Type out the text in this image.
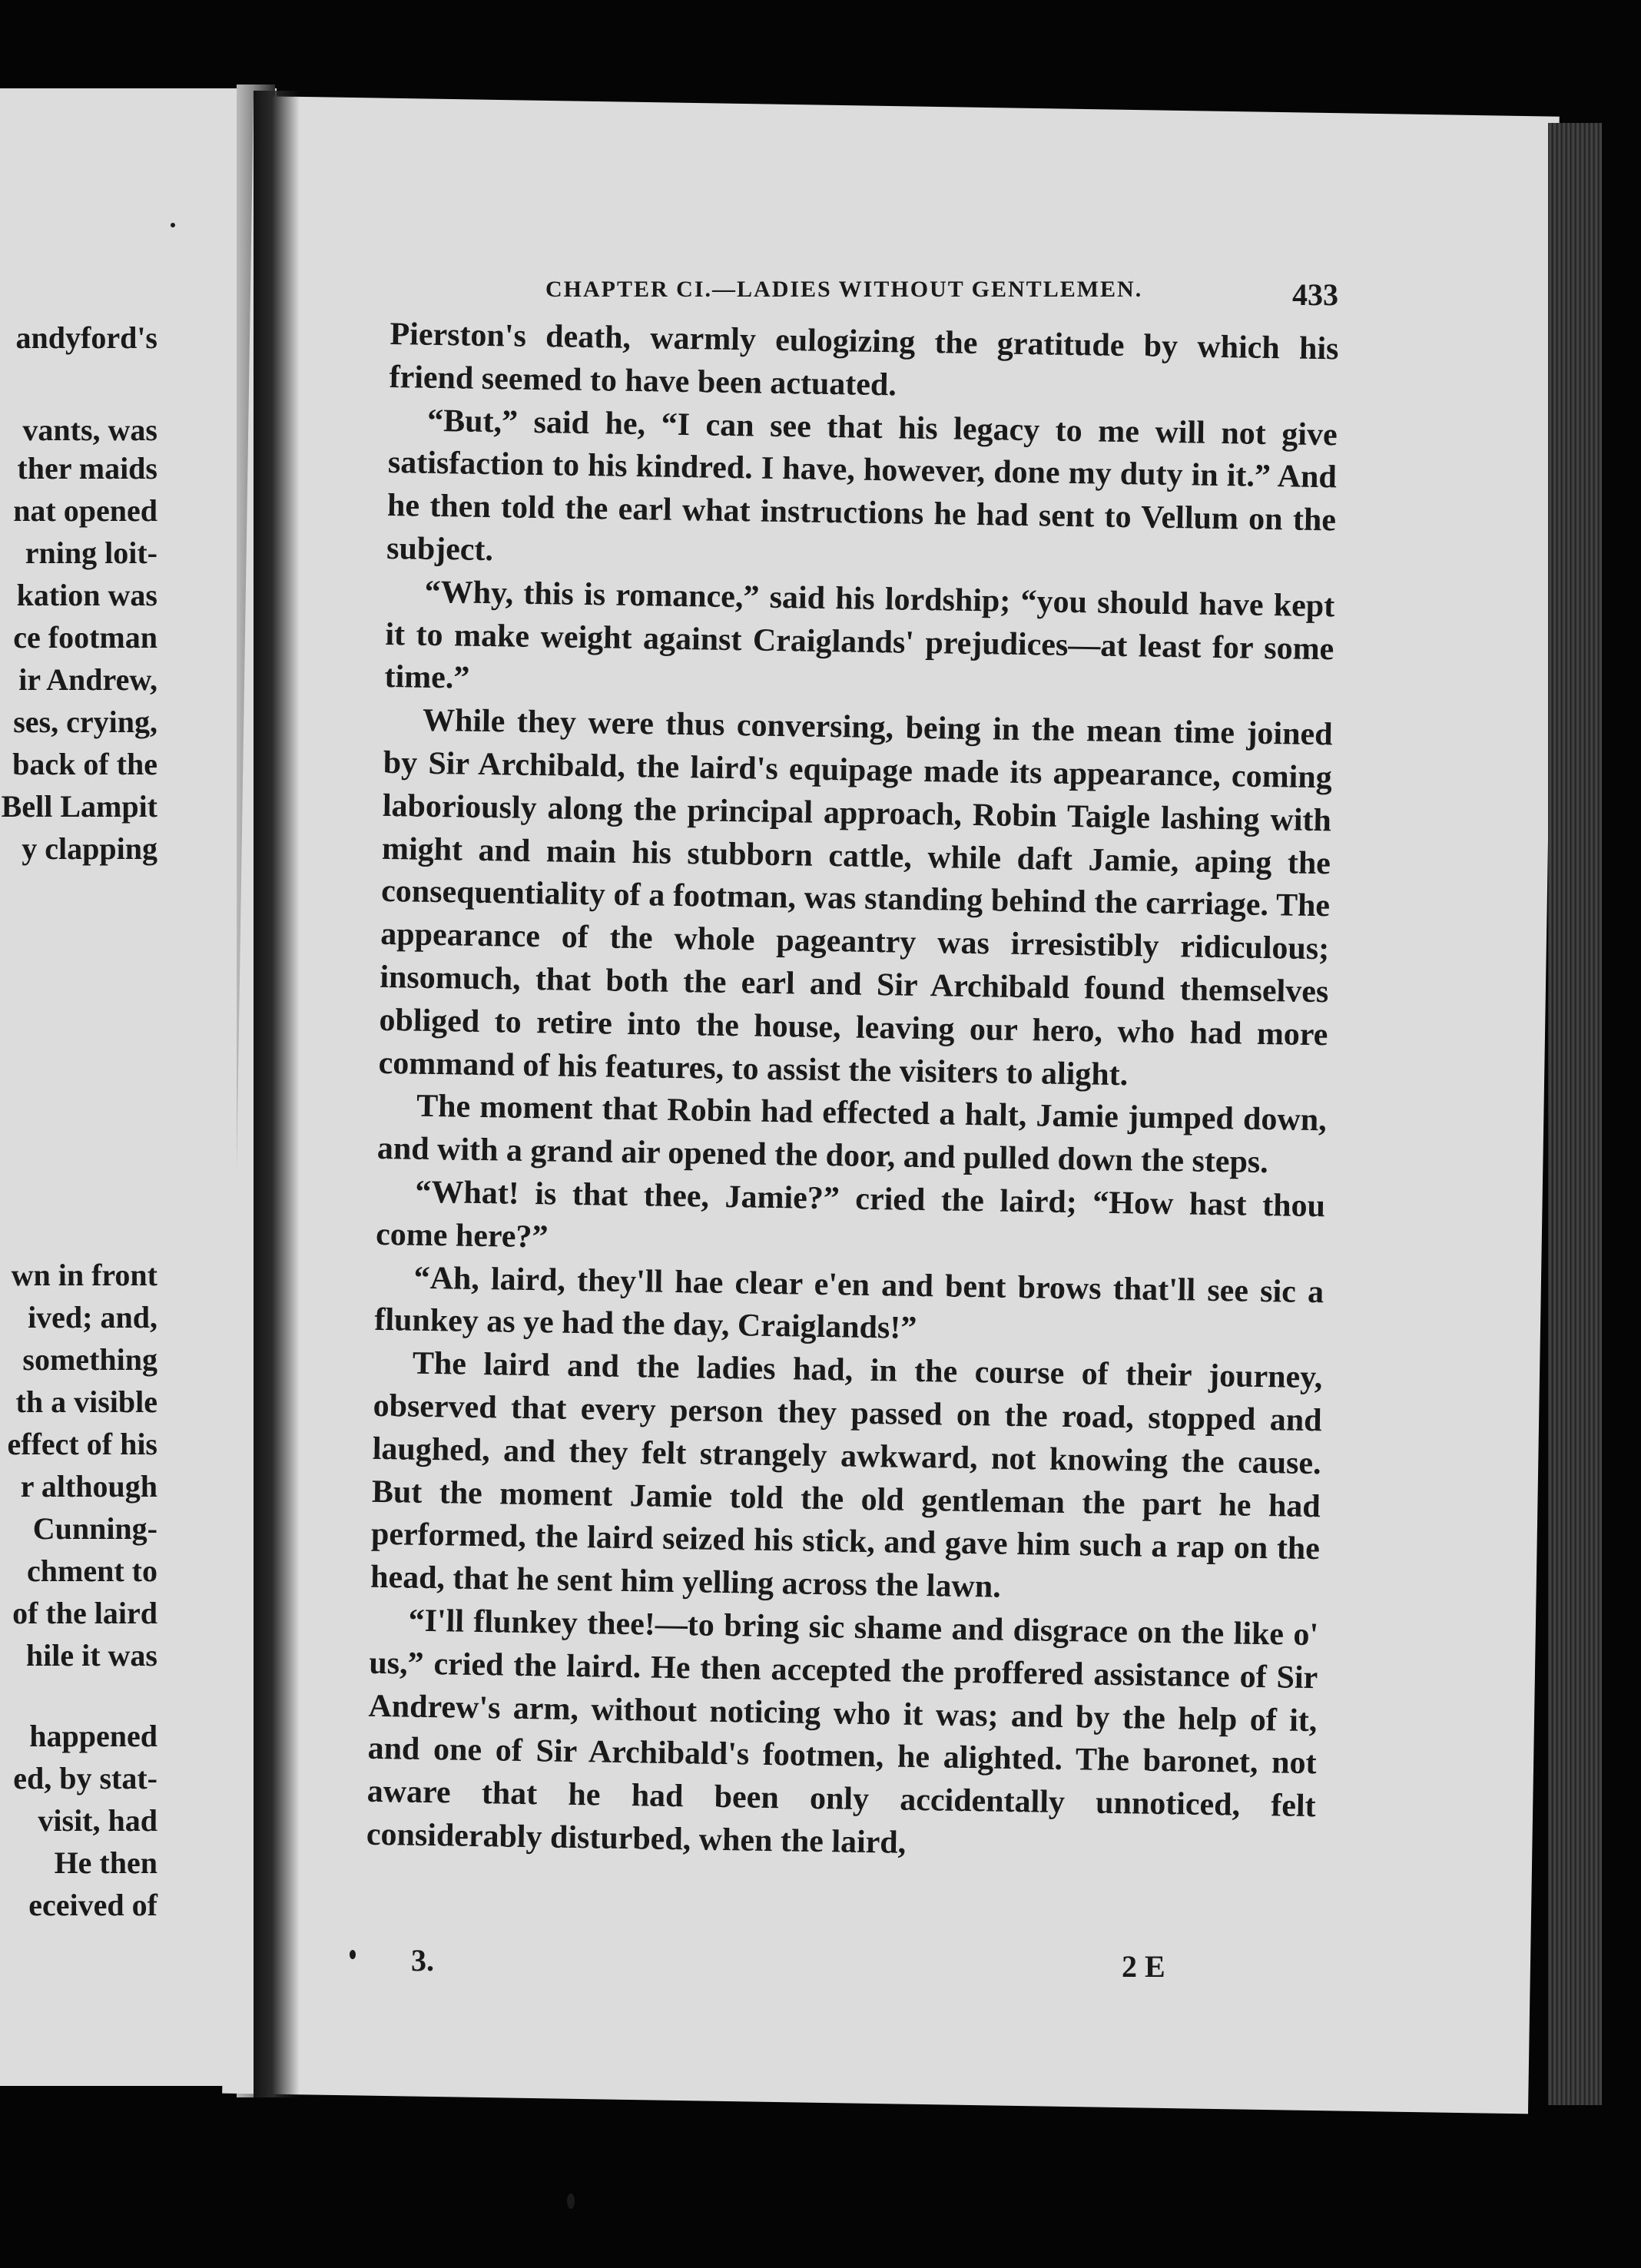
andyford's
vants, was
ther maids
nat opened
rning loit-
kation was
ce footman
ir Andrew,
ses, crying,
back of the
Bell Lampit
y clapping
wn in front
ived; and,
something
th a visible
effect of his
r although
Cunning-
chment to
of the laird
hile it was
happened
ed, by stat-
visit, had
He then
eceived of
CHAPTER CI.—LADIES WITHOUT GENTLEMEN.	433

Pierston's death, warmly eulogizing the gratitude by which his friend seemed to have been actuated.

“But,” said he, “I can see that his legacy to me will not give satisfaction to his kindred. I have, however, done my duty in it.” And he then told the earl what instructions he had sent to Vellum on the subject.

“Why, this is romance,” said his lordship; “you should have kept it to make weight against Craiglands' prejudices—at least for some time.”

While they were thus conversing, being in the mean time joined by Sir Archibald, the laird's equipage made its appearance, coming laboriously along the principal approach, Robin Taigle lashing with might and main his stubborn cattle, while daft Jamie, aping the consequentiality of a footman, was standing behind the carriage. The appearance of the whole pageantry was irresistibly ridiculous; insomuch, that both the earl and Sir Archibald found themselves obliged to retire into the house, leaving our hero, who had more command of his features, to assist the visiters to alight.

The moment that Robin had effected a halt, Jamie jumped down, and with a grand air opened the door, and pulled down the steps.

“What! is that thee, Jamie?” cried the laird; “How hast thou come here?”

“Ah, laird, they'll hae clear e'en and bent brows that'll see sic a flunkey as ye had the day, Craiglands!”

The laird and the ladies had, in the course of their journey, observed that every person they passed on the road, stopped and laughed, and they felt strangely awkward, not knowing the cause. But the moment Jamie told the old gentleman the part he had performed, the laird seized his stick, and gave him such a rap on the head, that he sent him yelling across the lawn.

“I'll flunkey thee!—to bring sic shame and disgrace on the like o' us,” cried the laird. He then accepted the proffered assistance of Sir Andrew's arm, without noticing who it was; and by the help of it, and one of Sir Archibald's footmen, he alighted. The baronet, not aware that he had been only accidentally unnoticed, felt considerably disturbed, when the laird,

3.	2 E
